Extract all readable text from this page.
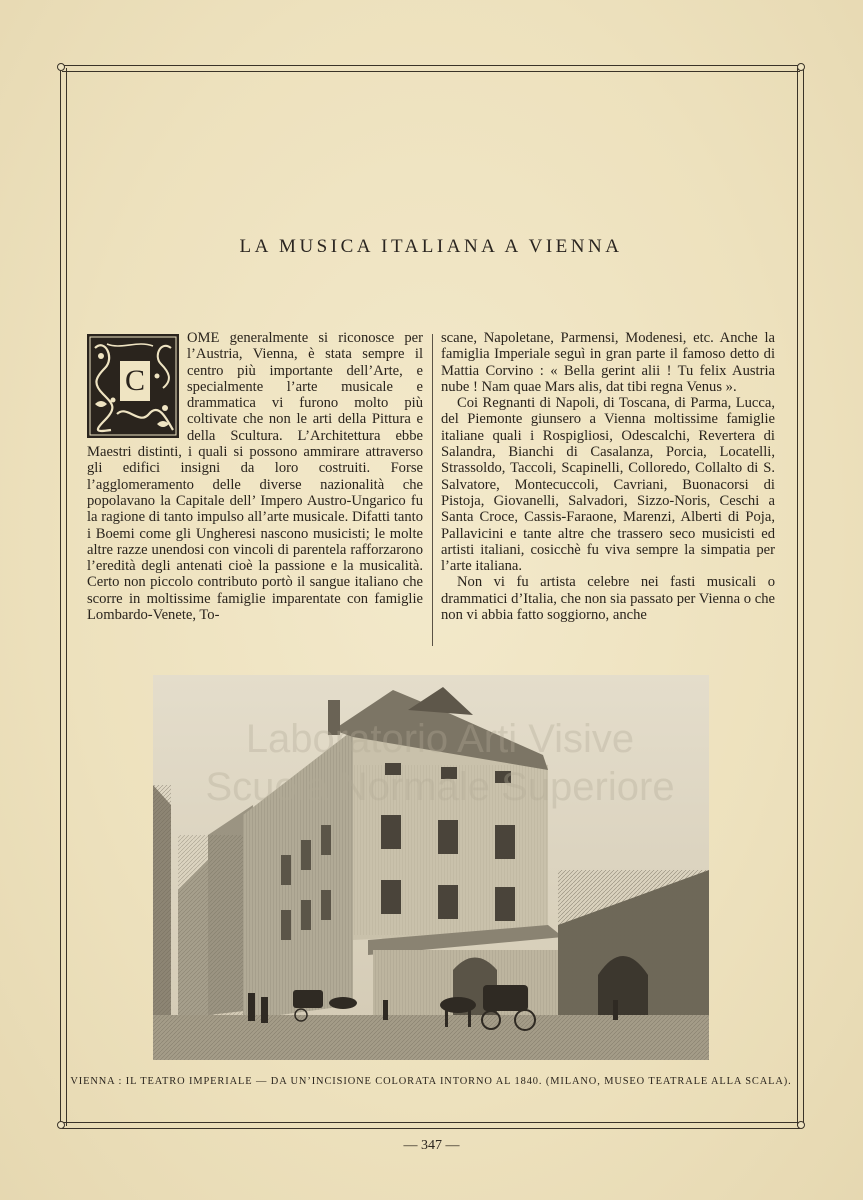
LA MUSICA ITALIANA A VIENNA
C

OME generalmente si riconosce per l’Austria, Vienna, è stata sempre il centro più importante dell’Arte, e specialmente l’arte musicale e drammatica vi furono molto più coltivate che non le arti della Pittura e della Scultura. L’Architettura ebbe Maestri distinti, i quali si possono ammirare attraverso gli edifici insigni da loro costruiti. Forse l’agglomeramento delle diverse nazionalità che popolavano la Capitale dell’ Impero Austro-Ungarico fu la ragione di tanto impulso all’arte musicale. Difatti tanto i Boemi come gli Ungheresi nascono musicisti; le molte altre razze unendosi con vincoli di parentela rafforzarono l’eredità degli antenati cioè la passione e la musicalità. Certo non piccolo contributo portò il sangue italiano che scorre in moltissime famiglie imparentate con famiglie Lombardo-Venete, To-

scane, Napoletane, Parmensi, Modenesi, etc. Anche la famiglia Imperiale seguì in gran parte il famoso detto di Mattia Corvino : « Bella gerint alii ! Tu felix Austria nube ! Nam quae Mars alis, dat tibi regna Venus ».

Coi Regnanti di Napoli, di Toscana, di Parma, Lucca, del Piemonte giunsero a Vienna moltissime famiglie italiane quali i Rospigliosi, Odescalchi, Revertera di Salandra, Bianchi di Casalanza, Porcia, Locatelli, Strassoldo, Taccoli, Scapinelli, Colloredo, Collalto di S. Salvatore, Montecuccoli, Cavriani, Buonacorsi di Pistoja, Giovanelli, Salvadori, Sizzo-Noris, Ceschi a Santa Croce, Cassis-Faraone, Marenzi, Alberti di Poja, Pallavicini e tante altre che trassero seco musicisti ed artisti italiani, cosicchè fu viva sempre la simpatia per l’arte italiana.

Non vi fu artista celebre nei fasti musicali o drammatici d’Italia, che non sia passato per Vienna o che non vi abbia fatto soggiorno, anche

Laboratorio Arti Visive
Scuola Normale Superiore
VIENNA : IL TEATRO IMPERIALE — DA UN’INCISIONE COLORATA INTORNO AL 1840. (MILANO, MUSEO TEATRALE ALLA SCALA).
— 347 —
